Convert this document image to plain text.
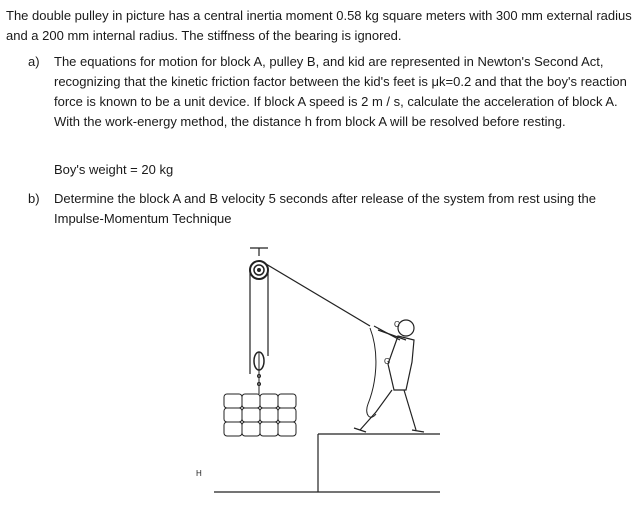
The double pulley in picture has a central inertia moment 0.58 kg square meters with 300 mm external radius and a 200 mm internal radius. The stiffness of the bearing is ignored.

a) The equations for motion for block A, pulley B, and kid are represented in Newton's Second Act, recognizing that the kinetic friction factor between the kid's feet is μk=0.2 and that the boy's reaction force is known to be a unit device. If block A speed is 2 m / s, calculate the acceleration of block A. With the work-energy method, the distance h from block A will be resolved before resting.

Boy's weight = 20 kg

b) Determine the block A and B velocity 5 seconds after release of the system from rest using the Impulse-Momentum Technique

H
C
G
